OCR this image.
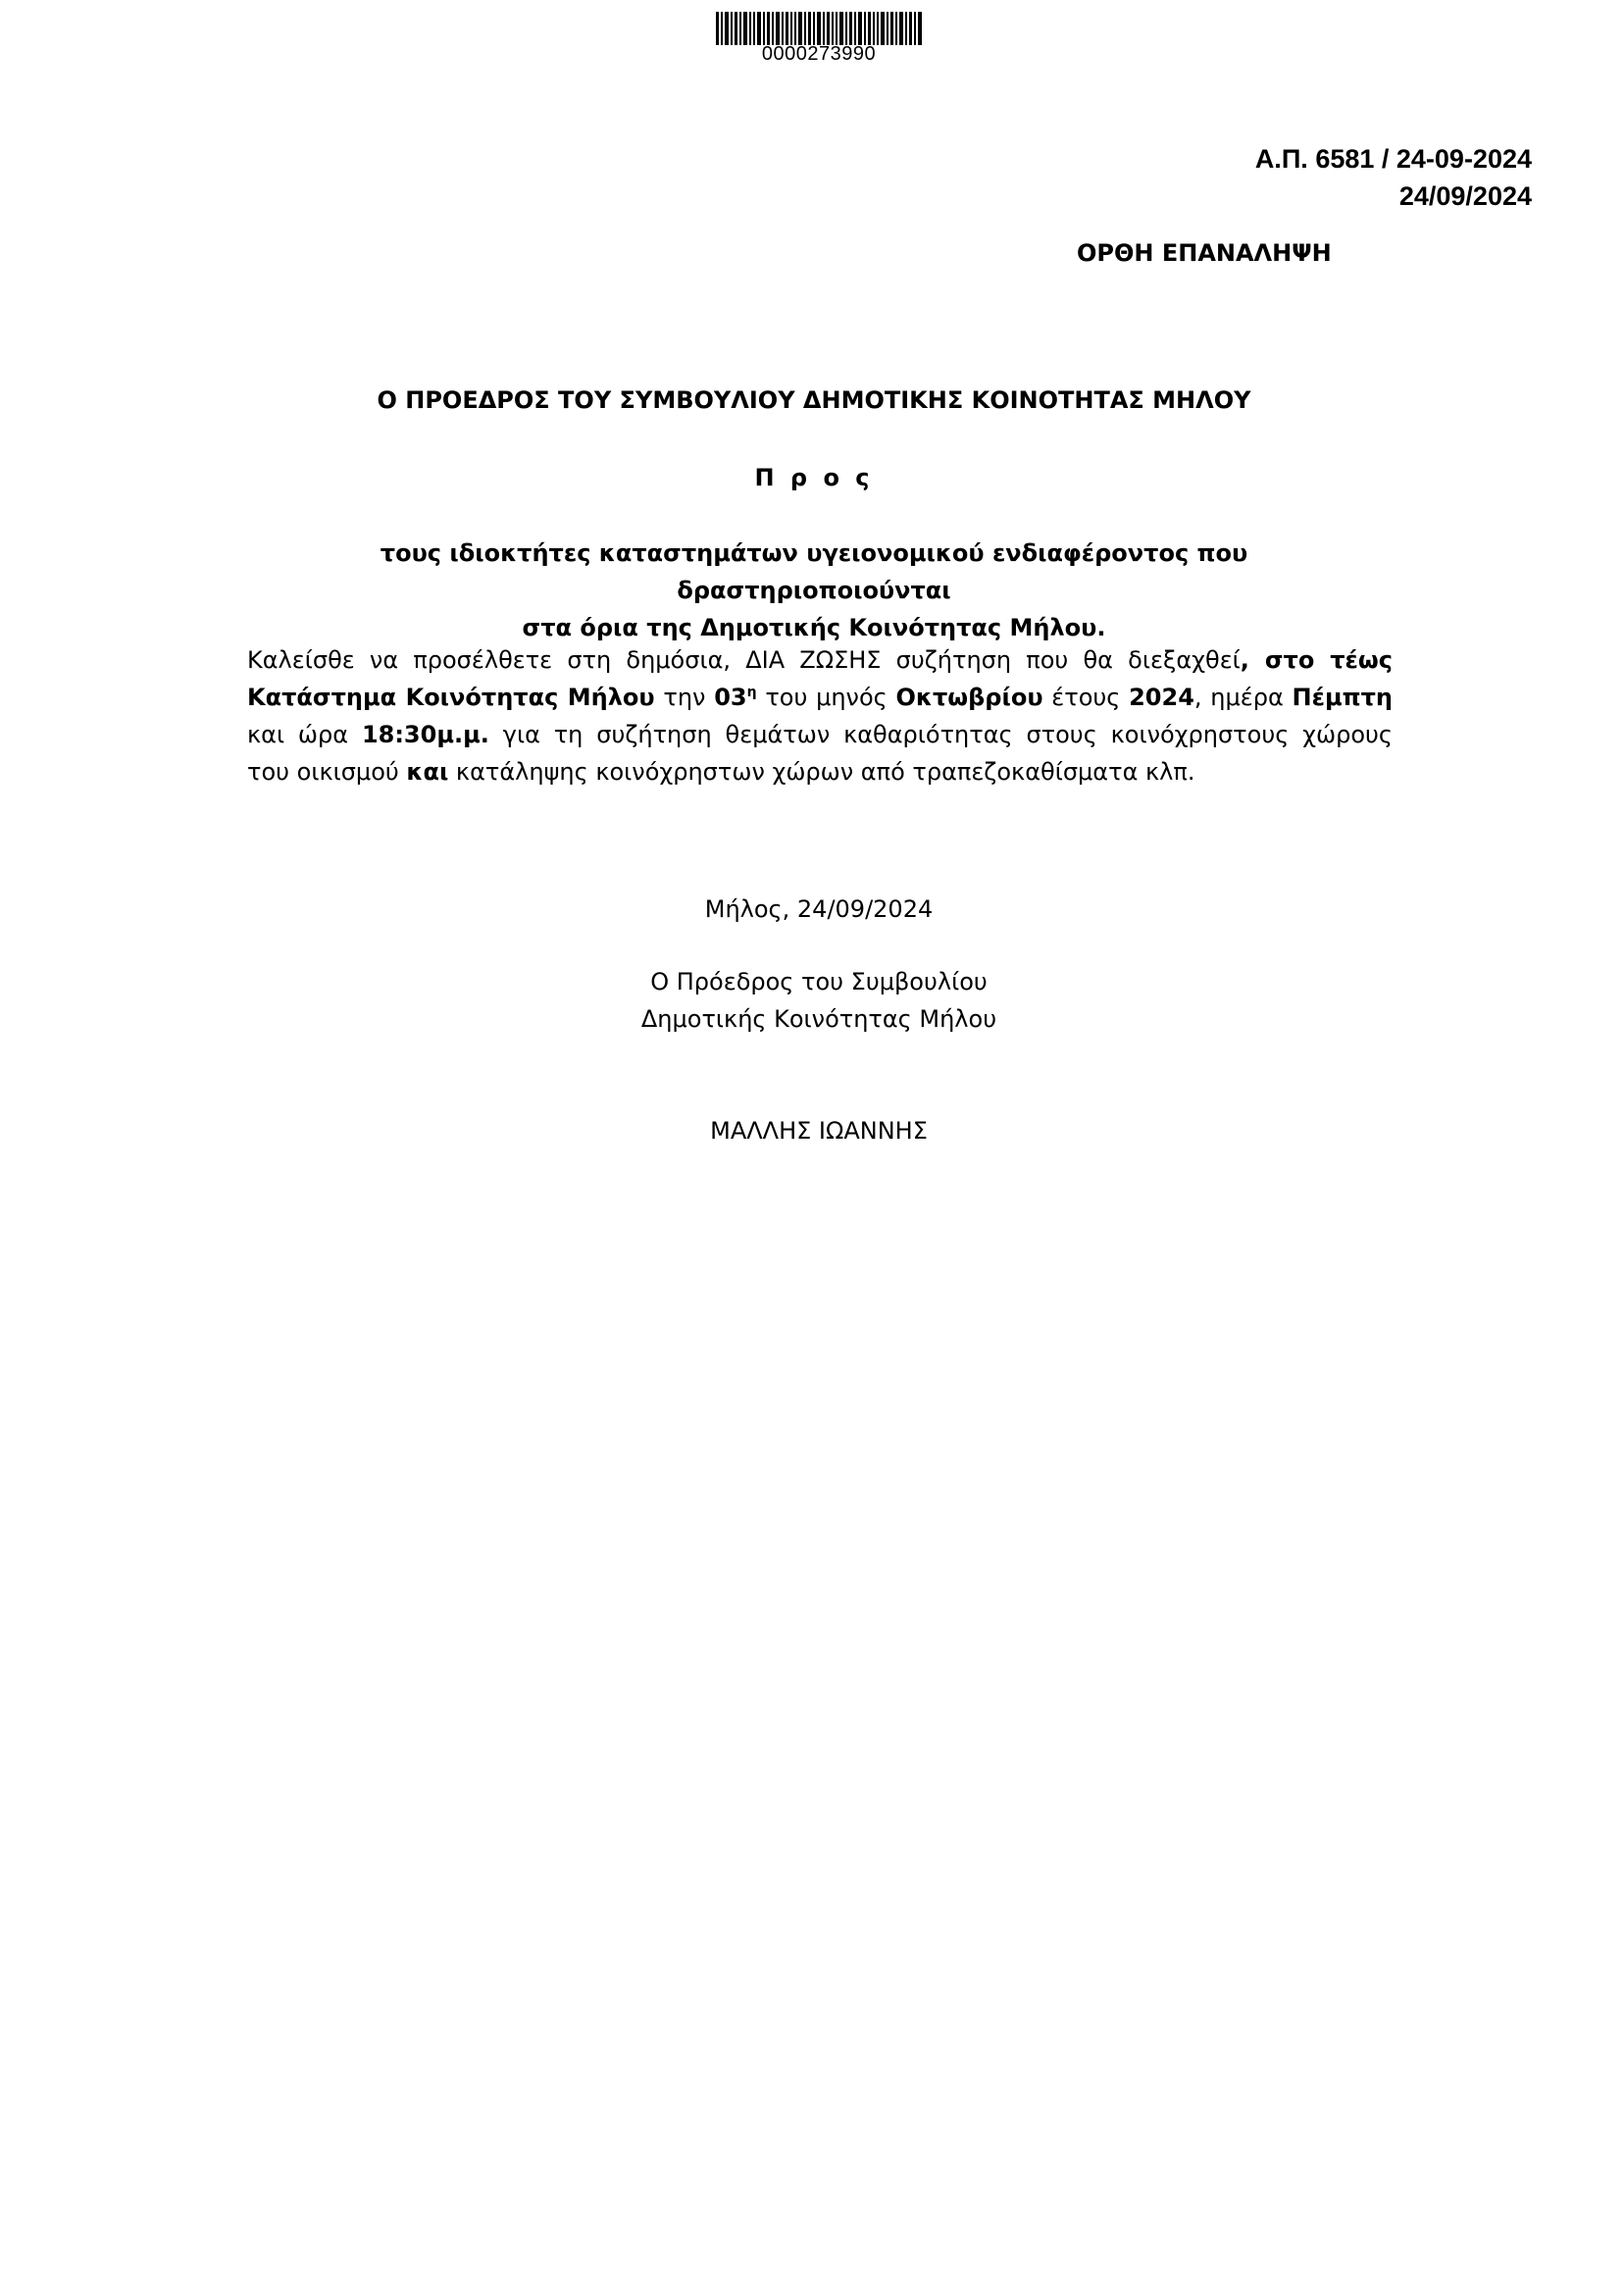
0000273990
Α.Π. 6581 / 24-09-2024
24/09/2024
ΟΡΘΗ ΕΠΑΝΑΛΗΨΗ
Ο ΠΡΟΕΔΡΟΣ ΤΟΥ ΣΥΜΒΟΥΛΙΟΥ ΔΗΜΟΤΙΚΗΣ ΚΟΙΝΟΤΗΤΑΣ ΜΗΛΟΥ
Π ρ ο ς
τους ιδιοκτήτες καταστημάτων υγειονομικού ενδιαφέροντος που δραστηριοποιούνται
στα όρια της Δημοτικής Κοινότητας Μήλου.
Καλείσθε να προσέλθετε στη δημόσια, ΔΙΑ ΖΩΣΗΣ συζήτηση που θα διεξαχθεί, στο τέως
Κατάστημα Κοινότητας Μήλου την $03^\eta$ του μηνός Οκτωβρίου έτους 2024, ημέρα Πέμπτη
και ώρα 18:30μ.μ. για τη συζήτηση θεμάτων καθαριότητας στους κοινόχρηστους χώρους
του οικισμού και κατάληψης κοινόχρηστων χώρων από τραπεζοκαθίσματα κλπ.
Μήλος, 24/09/2024
Ο Πρόεδρος του Συμβουλίου
Δημοτικής Κοινότητας Μήλου
ΜΑΛΛΗΣ ΙΩΑΝΝΗΣ
